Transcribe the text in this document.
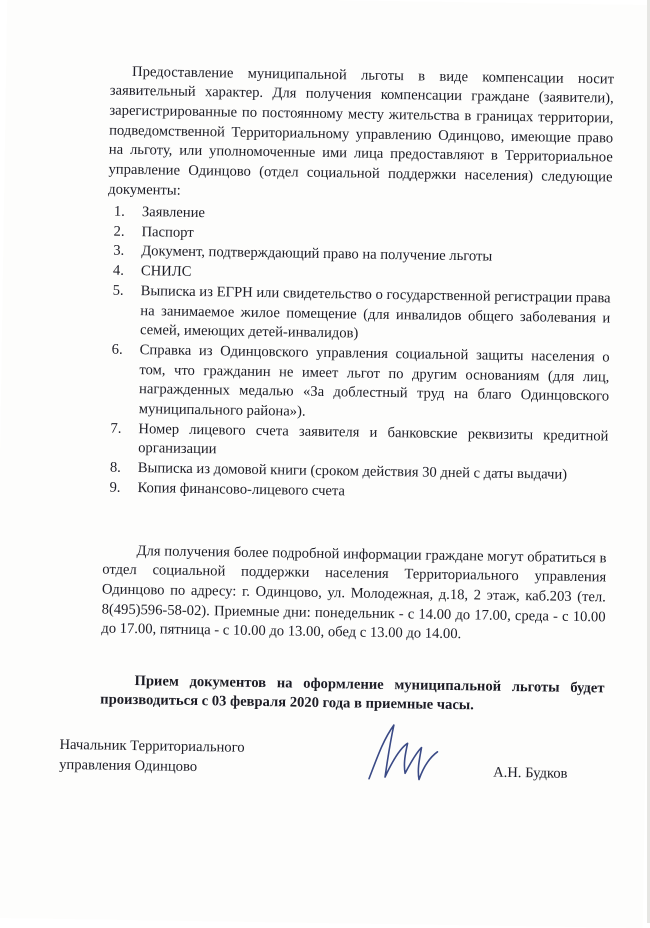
Предоставление муниципальной льготы в виде компенсации носит заявительный характер. Для получения компенсации граждане (заявители), зарегистрированные по постоянному месту жительства в границах территории, подведомственной Территориальному управлению Одинцово, имеющие право на льготу, или уполномоченные ими лица предоставляют в Территориальное управление Одинцово (отдел социальной поддержки населения) следующие документы:

1. Заявление
2. Паспорт
3. Документ, подтверждающий право на получение льготы
4. СНИЛС
5. Выписка из ЕГРН или свидетельство о государственной регистрации права на занимаемое жилое помещение (для инвалидов общего заболевания и семей, имеющих детей-инвалидов)
6. Справка из Одинцовского управления социальной защиты населения о том, что гражданин не имеет льгот по другим основаниям (для лиц, награжденных медалью «За доблестный труд на благо Одинцовского муниципального района»).
7. Номер лицевого счета заявителя и банковские реквизиты кредитной организации
8. Выписка из домовой книги (сроком действия 30 дней с даты выдачи)
9. Копия финансово-лицевого счета

Для получения более подробной информации граждане могут обратиться в отдел социальной поддержки населения Территориального управления Одинцово по адресу: г. Одинцово, ул. Молодежная, д.18, 2 этаж, каб.203 (тел. 8(495)596-58-02). Приемные дни: понедельник - с 14.00 до 17.00, среда - с 10.00 до 17.00, пятница - с 10.00 до 13.00, обед с 13.00 до 14.00.

Прием документов на оформление муниципальной льготы будет производиться с 03 февраля 2020 года в приемные часы.

Начальник Территориального
управления Одинцово	А.Н. Будков
